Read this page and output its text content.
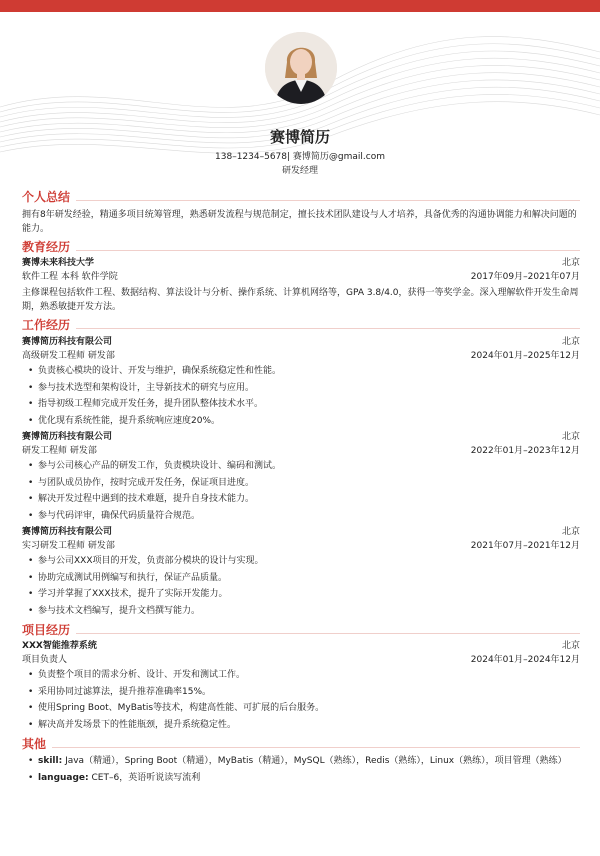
赛博简历
138–1234–5678| 赛博简历@gmail.com
研发经理
个人总结
拥有8年研发经验，精通多项目统筹管理，熟悉研发流程与规范制定，擅长技术团队建设与人才培养，具备优秀的沟通协调能力和解决问题的能力。
教育经历
赛博未来科技大学	北京
软件工程 本科 软件学院	2017年09月–2021年07月
主修课程包括软件工程、数据结构、算法设计与分析、操作系统、计算机网络等，GPA 3.8/4.0，获得一等奖学金。深入理解软件开发生命周期，熟悉敏捷开发方法。
工作经历
赛博简历科技有限公司	北京
高级研发工程师 研发部	2024年01月–2025年12月
• 负责核心模块的设计、开发与维护，确保系统稳定性和性能。
• 参与技术选型和架构设计，主导新技术的研究与应用。
• 指导初级工程师完成开发任务，提升团队整体技术水平。
• 优化现有系统性能，提升系统响应速度20%。
赛博简历科技有限公司	北京
研发工程师 研发部	2022年01月–2023年12月
• 参与公司核心产品的研发工作，负责模块设计、编码和测试。
• 与团队成员协作，按时完成开发任务，保证项目进度。
• 解决开发过程中遇到的技术难题，提升自身技术能力。
• 参与代码评审，确保代码质量符合规范。
赛博简历科技有限公司	北京
实习研发工程师 研发部	2021年07月–2021年12月
• 参与公司XXX项目的开发，负责部分模块的设计与实现。
• 协助完成测试用例编写和执行，保证产品质量。
• 学习并掌握了XXX技术，提升了实际开发能力。
• 参与技术文档编写，提升文档撰写能力。
项目经历
XXX智能推荐系统	北京
项目负责人	2024年01月–2024年12月
• 负责整个项目的需求分析、设计、开发和测试工作。
• 采用协同过滤算法，提升推荐准确率15%。
• 使用Spring Boot、MyBatis等技术，构建高性能、可扩展的后台服务。
• 解决高并发场景下的性能瓶颈，提升系统稳定性。
其他
• skill: Java（精通），Spring Boot（精通），MyBatis（精通），MySQL（熟练），Redis（熟练），Linux（熟练），项目管理（熟练）
• language: CET–6，英语听说读写流利
